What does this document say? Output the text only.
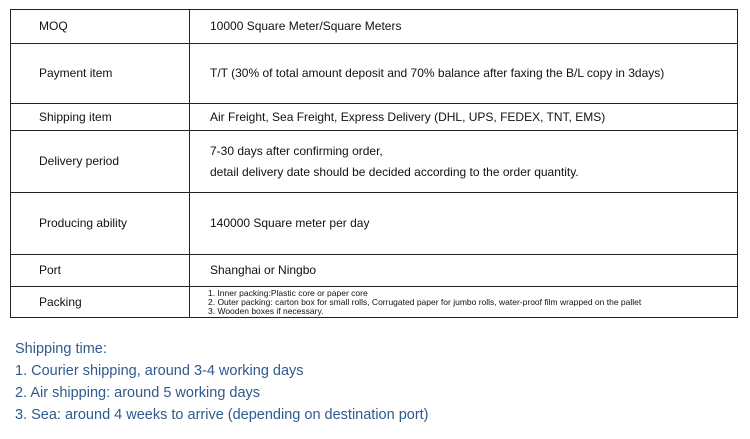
MOQ	10000 Square Meter/Square Meters

Payment item	T/T (30% of total amount deposit and 70% balance after faxing the B/L copy in 3days)

Shipping item	Air Freight, Sea Freight, Express Delivery (DHL, UPS, FEDEX, TNT, EMS)

Delivery period	7-30 days after confirming order,
detail delivery date should be decided according to the order quantity.

Producing ability	140000 Square meter per day

Port	Shanghai or Ningbo

Packing	1. Inner packing:Plastic core or paper core
2. Outer packing: carton box for small rolls, Corrugated paper for jumbo rolls, water-proof film wrapped on the pallet
3. Wooden boxes if necessary.
Shipping time:
1. Courier shipping, around 3-4 working days
2. Air shipping: around 5 working days
3. Sea: around 4 weeks to arrive (depending on destination port)
